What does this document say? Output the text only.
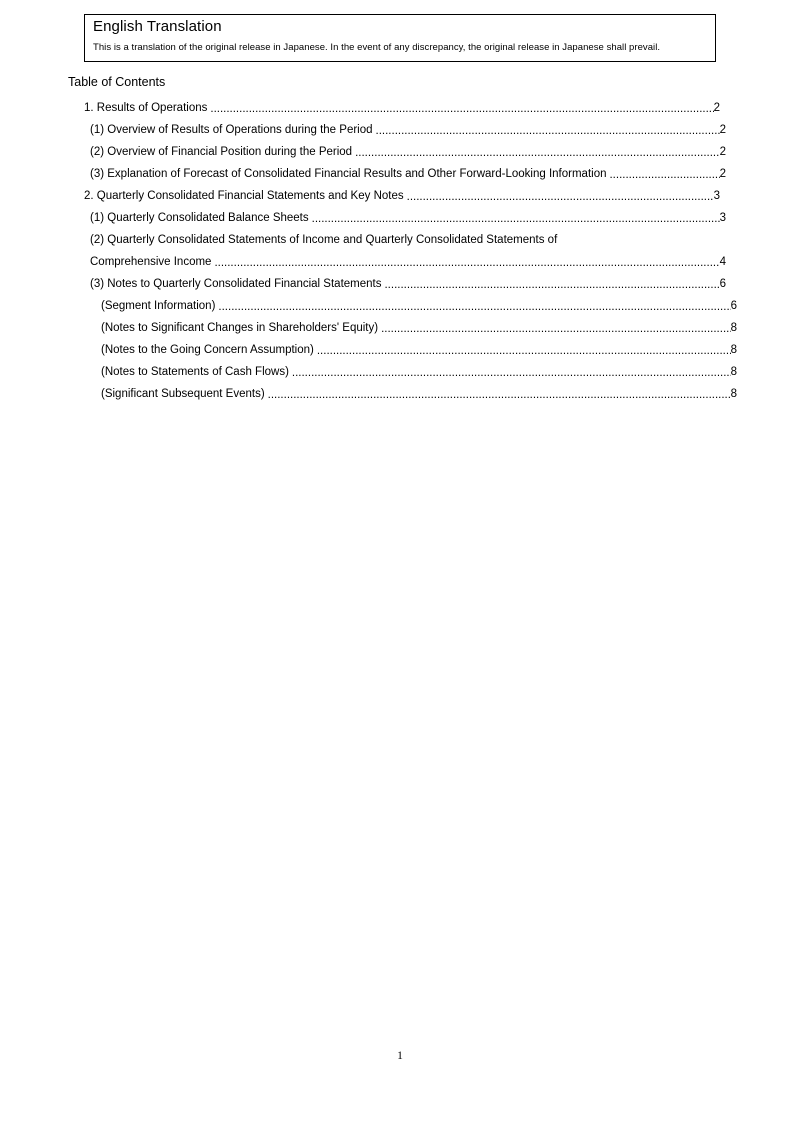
English Translation
This is a translation of the original release in Japanese. In the event of any discrepancy, the original release in Japanese shall prevail.
Table of Contents
1. Results of Operations .....	2
(1) Overview of Results of Operations during the Period .....	2
(2) Overview of Financial Position during the Period .....	2
(3) Explanation of Forecast of Consolidated Financial Results and Other Forward-Looking Information .....	2
2. Quarterly Consolidated Financial Statements and Key Notes .....	3
(1) Quarterly Consolidated Balance Sheets .....	3
(2) Quarterly Consolidated Statements of Income and Quarterly Consolidated Statements of
Comprehensive Income .....	4
(3) Notes to Quarterly Consolidated Financial Statements .....	6
(Segment Information) .....	6
(Notes to Significant Changes in Shareholders' Equity) .....	8
(Notes to the Going Concern Assumption) .....	8
(Notes to Statements of Cash Flows) .....	8
(Significant Subsequent Events) .....	8
1
